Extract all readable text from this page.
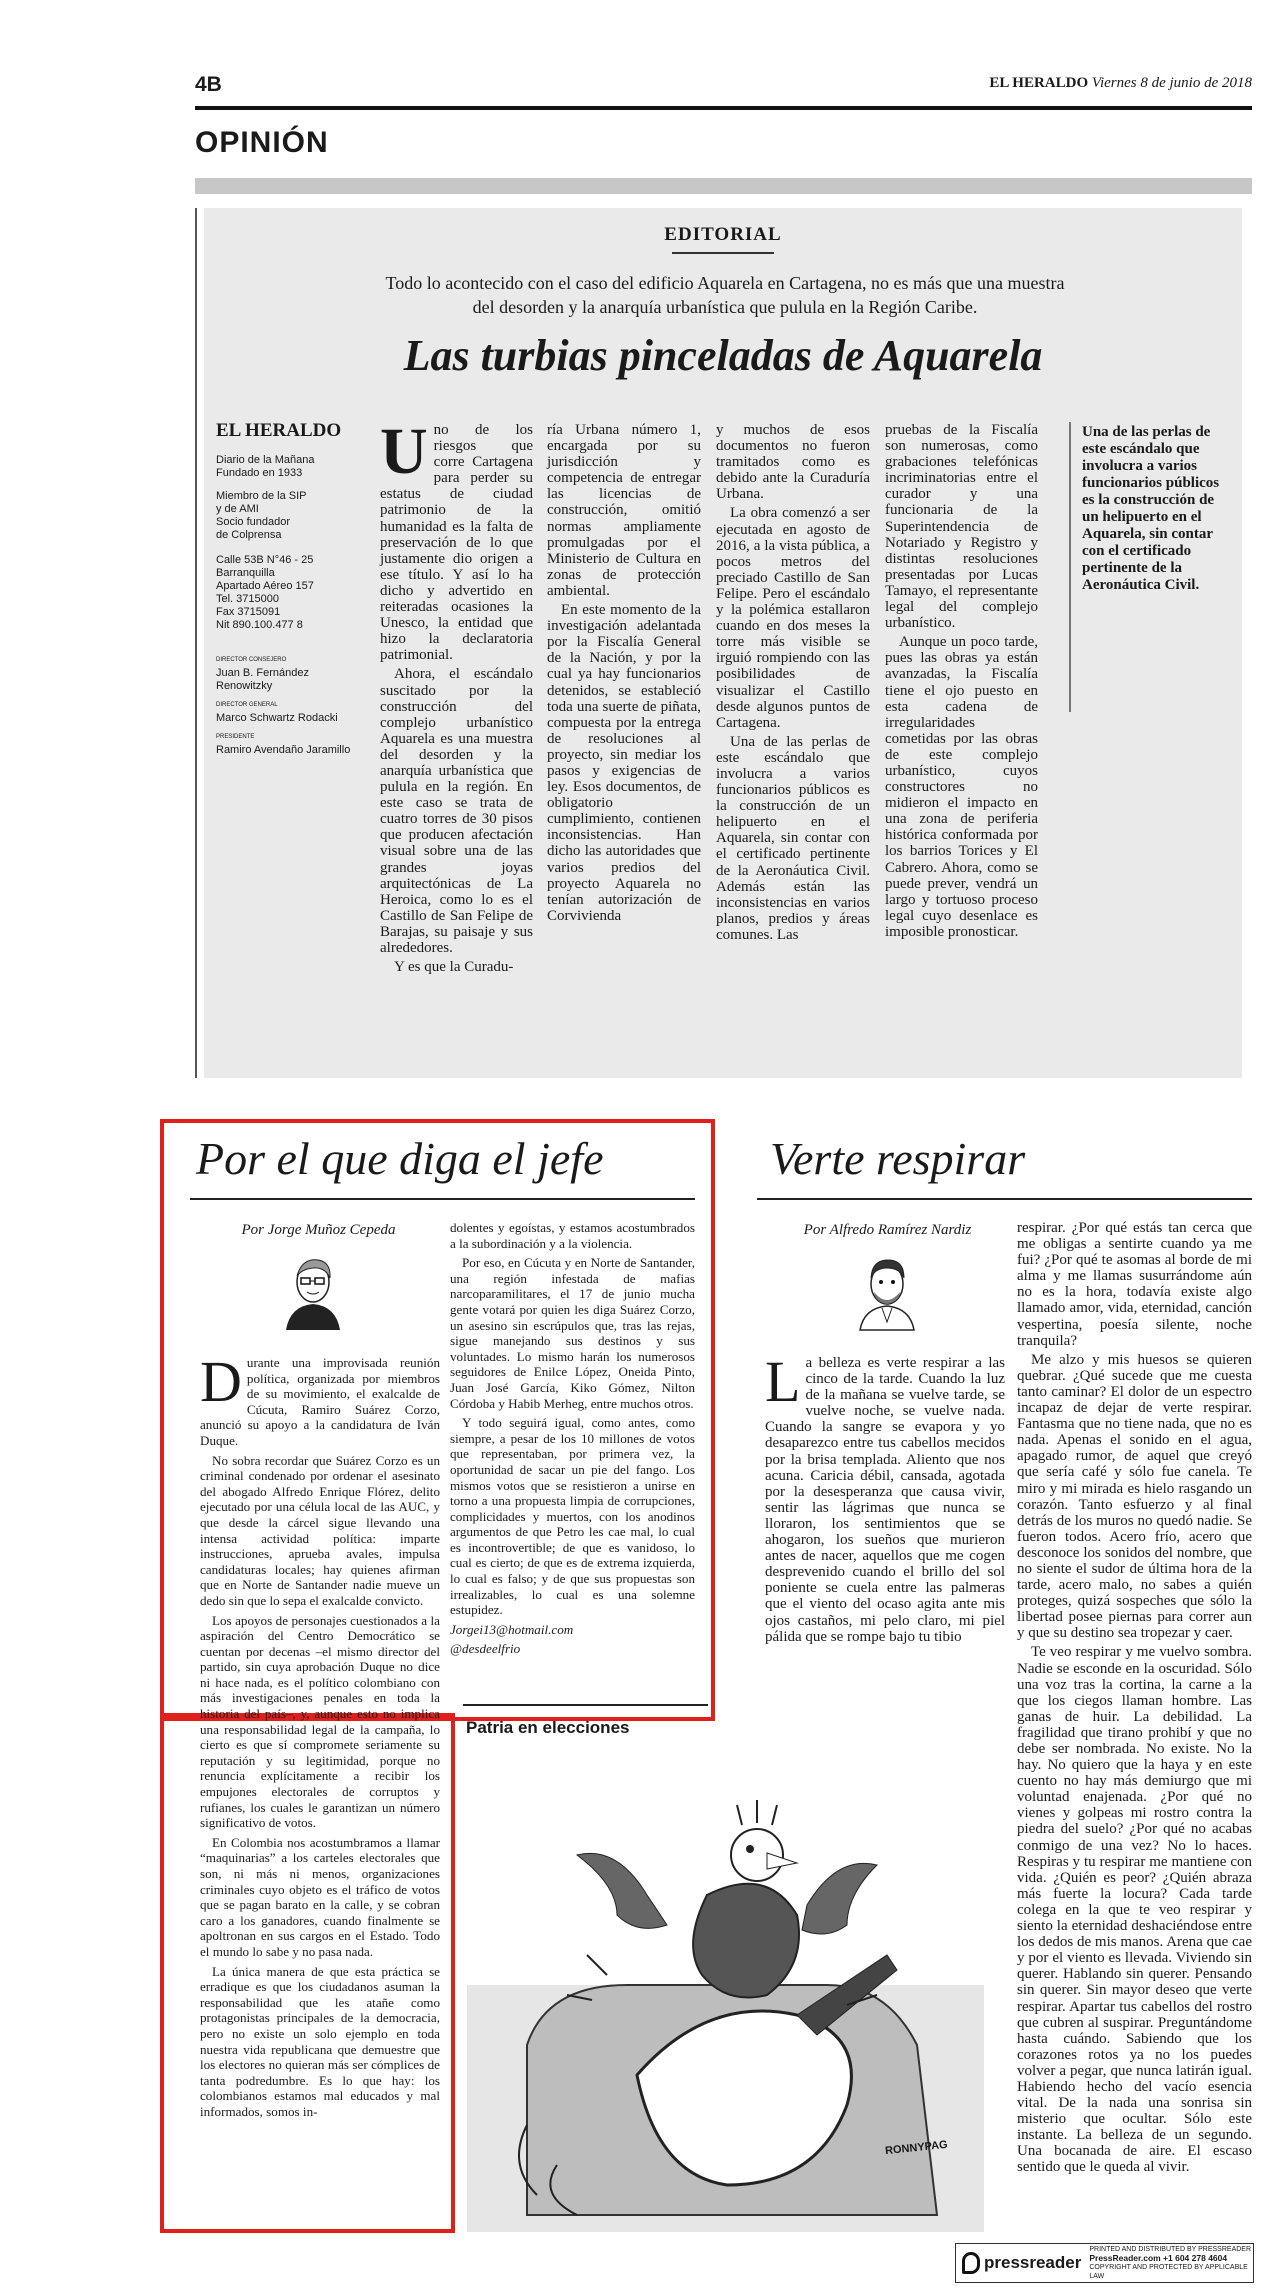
4B	EL HERALDO Viernes 8 de junio de 2018
OPINIÓN
EDITORIAL
Todo lo acontecido con el caso del edificio Aquarela en Cartagena, no es más que una muestra del desorden y la anarquía urbanística que pulula en la Región Caribe.
Las turbias pinceladas de Aquarela
EL HERALDO
Diario de la Mañana
Fundado en 1933
Miembro de la SIP
y de AMI
Socio fundador
de Colprensa
Calle 53B N°46 - 25
Barranquilla
Apartado Aéreo 157
Tel. 3715000
Fax 3715091
Nit 890.100.477 8
DIRECTOR CONSEJERO
Juan B. Fernández Renowitzky
DIRECTOR GENERAL
Marco Schwartz Rodacki
PRESIDENTE
Ramiro Avendaño Jaramillo
U no de los riesgos que corre Cartagena para perder su estatus de ciudad patrimonio de la humanidad es la falta de preservación de lo que justamente dio origen a ese título. Y así lo ha dicho y advertido en reiteradas ocasiones la Unesco, la entidad que hizo la declaratoria patrimonial.

Ahora, el escándalo suscitado por la construcción del complejo urbanístico Aquarela es una muestra del desorden y la anarquía urbanística que pulula en la región. En este caso se trata de cuatro torres de 30 pisos que producen afectación visual sobre una de las grandes joyas arquitectónicas de La Heroica, como lo es el Castillo de San Felipe de Barajas, su paisaje y sus alrededores.

Y es que la Curadu-

ría Urbana número 1, encargada por su jurisdicción y competencia de entregar las licencias de construcción, omitió normas ampliamente promulgadas por el Ministerio de Cultura en zonas de protección ambiental.

En este momento de la investigación adelantada por la Fiscalía General de la Nación, y por la cual ya hay funcionarios detenidos, se estableció toda una suerte de piñata, compuesta por la entrega de resoluciones al proyecto, sin mediar los pasos y exigencias de ley. Esos documentos, de obligatorio cumplimiento, contienen inconsistencias. Han dicho las autoridades que varios predios del proyecto Aquarela no tenían autorización de Corvivienda

y muchos de esos documentos no fueron tramitados como es debido ante la Curaduría Urbana.

La obra comenzó a ser ejecutada en agosto de 2016, a la vista pública, a pocos metros del preciado Castillo de San Felipe. Pero el escándalo y la polémica estallaron cuando en dos meses la torre más visible se irguió rompiendo con las posibilidades de visualizar el Castillo desde algunos puntos de Cartagena.

Una de las perlas de este escándalo que involucra a varios funcionarios públicos es la construcción de un helipuerto en el Aquarela, sin contar con el certificado pertinente de la Aeronáutica Civil. Además están las inconsistencias en varios planos, predios y áreas comunes. Las

pruebas de la Fiscalía son numerosas, como grabaciones telefónicas incriminatorias entre el curador y una funcionaria de la Superintendencia de Notariado y Registro y distintas resoluciones presentadas por Lucas Tamayo, el representante legal del complejo urbanístico.

Aunque un poco tarde, pues las obras ya están avanzadas, la Fiscalía tiene el ojo puesto en esta cadena de irregularidades cometidas por las obras de este complejo urbanístico, cuyos constructores no midieron el impacto en una zona de periferia histórica conformada por los barrios Torices y El Cabrero. Ahora, como se puede prever, vendrá un largo y tortuoso proceso legal cuyo desenlace es imposible pronosticar.

Una de las perlas de este escándalo que involucra a varios funcionarios públicos es la construcción de un helipuerto en el Aquarela, sin contar con el certificado pertinente de la Aeronáutica Civil.
Por el que diga el jefe
Por Jorge Muñoz Cepeda
D urante una improvisada reunión política, organizada por miembros de su movimiento, el exalcalde de Cúcuta, Ramiro Suárez Corzo, anunció su apoyo a la candidatura de Iván Duque.

No sobra recordar que Suárez Corzo es un criminal condenado por ordenar el asesinato del abogado Alfredo Enrique Flórez, delito ejecutado por una célula local de las AUC, y que desde la cárcel sigue llevando una intensa actividad política: imparte instrucciones, aprueba avales, impulsa candidaturas locales; hay quienes afirman que en Norte de Santander nadie mueve un dedo sin que lo sepa el exalcalde convicto.

Los apoyos de personajes cuestionados a la aspiración del Centro Democrático se cuentan por decenas –el mismo director del partido, sin cuya aprobación Duque no dice ni hace nada, es el político colombiano con más investigaciones penales en toda la historia del país–, y, aunque esto no implica una responsabilidad legal de la campaña, lo cierto es que sí compromete seriamente su reputación y su legitimidad, porque no renuncia explícitamente a recibir los empujones electorales de corruptos y rufianes, los cuales le garantizan un número significativo de votos.

En Colombia nos acostumbramos a llamar “maquinarias” a los carteles electorales que son, ni más ni menos, organizaciones criminales cuyo objeto es el tráfico de votos que se pagan barato en la calle, y se cobran caro a los ganadores, cuando finalmente se apoltronan en sus cargos en el Estado. Todo el mundo lo sabe y no pasa nada.

La única manera de que esta práctica se erradique es que los ciudadanos asuman la responsabilidad que les atañe como protagonistas principales de la democracia, pero no existe un solo ejemplo en toda nuestra vida republicana que demuestre que los electores no quieran más ser cómplices de tanta podredumbre. Es lo que hay: los colombianos estamos mal educados y mal informados, somos in-

dolentes y egoístas, y estamos acostumbrados a la subordinación y a la violencia.

Por eso, en Cúcuta y en Norte de Santander, una región infestada de mafias narcoparamilitares, el 17 de junio mucha gente votará por quien les diga Suárez Corzo, un asesino sin escrúpulos que, tras las rejas, sigue manejando sus destinos y sus voluntades. Lo mismo harán los numerosos seguidores de Enilce López, Oneida Pinto, Juan José García, Kiko Gómez, Nilton Córdoba y Habib Merheg, entre muchos otros.

Y todo seguirá igual, como antes, como siempre, a pesar de los 10 millones de votos que representaban, por primera vez, la oportunidad de sacar un pie del fango. Los mismos votos que se resistieron a unirse en torno a una propuesta limpia de corrupciones, complicidades y muertos, con los anodinos argumentos de que Petro les cae mal, lo cual es incontrovertible; de que es vanidoso, lo cual es cierto; de que es de extrema izquierda, lo cual es falso; y de que sus propuestas son irrealizables, lo cual es una solemne estupidez.

Jorgei13@hotmail.com

@desdeelfrio

Patria en elecciones
RONNYPAG
Verte respirar
Por Alfredo Ramírez Nardiz
L a belleza es verte respirar a las cinco de la tarde. Cuando la luz de la mañana se vuelve tarde, se vuelve noche, se vuelve nada. Cuando la sangre se evapora y yo desaparezco entre tus cabellos mecidos por la brisa templada. Aliento que nos acuna. Caricia débil, cansada, agotada por la desesperanza que causa vivir, sentir las lágrimas que nunca se lloraron, los sentimientos que se ahogaron, los sueños que murieron antes de nacer, aquellos que me cogen desprevenido cuando el brillo del sol poniente se cuela entre las palmeras que el viento del ocaso agita ante mis ojos castaños, mi pelo claro, mi piel pálida que se rompe bajo tu tibio

respirar. ¿Por qué estás tan cerca que me obligas a sentirte cuando ya me fui? ¿Por qué te asomas al borde de mi alma y me llamas susurrándome aún no es la hora, todavía existe algo llamado amor, vida, eternidad, canción vespertina, poesía silente, noche tranquila?

Me alzo y mis huesos se quieren quebrar. ¿Qué sucede que me cuesta tanto caminar? El dolor de un espectro incapaz de dejar de verte respirar. Fantasma que no tiene nada, que no es nada. Apenas el sonido en el agua, apagado rumor, de aquel que creyó que sería café y sólo fue canela. Te miro y mi mirada es hielo rasgando un corazón. Tanto esfuerzo y al final detrás de los muros no quedó nadie. Se fueron todos. Acero frío, acero que desconoce los sonidos del nombre, que no siente el sudor de última hora de la tarde, acero malo, no sabes a quién proteges, quizá sospeches que sólo la libertad posee piernas para correr aun y que su destino sea tropezar y caer.

Te veo respirar y me vuelvo sombra. Nadie se esconde en la oscuridad. Sólo una voz tras la cortina, la carne a la que los ciegos llaman hombre. Las ganas de huir. La debilidad. La fragilidad que tirano prohibí y que no debe ser nombrada. No existe. No la hay. No quiero que la haya y en este cuento no hay más demiurgo que mi voluntad enajenada. ¿Por qué no vienes y golpeas mi rostro contra la piedra del suelo? ¿Por qué no acabas conmigo de una vez? No lo haces. Respiras y tu respirar me mantiene con vida. ¿Quién es peor? ¿Quién abraza más fuerte la locura? Cada tarde colega en la que te veo respirar y siento la eternidad deshaciéndose entre los dedos de mis manos. Arena que cae y por el viento es llevada. Viviendo sin querer. Hablando sin querer. Pensando sin querer. Sin mayor deseo que verte respirar. Apartar tus cabellos del rostro que cubren al suspirar. Preguntándome hasta cuándo. Sabiendo que los corazones rotos ya no los puedes volver a pegar, que nunca latirán igual. Habiendo hecho del vacío esencia vital. De la nada una sonrisa sin misterio que ocultar. Sólo este instante. La belleza de un segundo. Una bocanada de aire. El escaso sentido que le queda al vivir.

pressreader
PRINTED AND DISTRIBUTED BY PRESSREADER
PressReader.com +1 604 278 4604
COPYRIGHT AND PROTECTED BY APPLICABLE LAW
